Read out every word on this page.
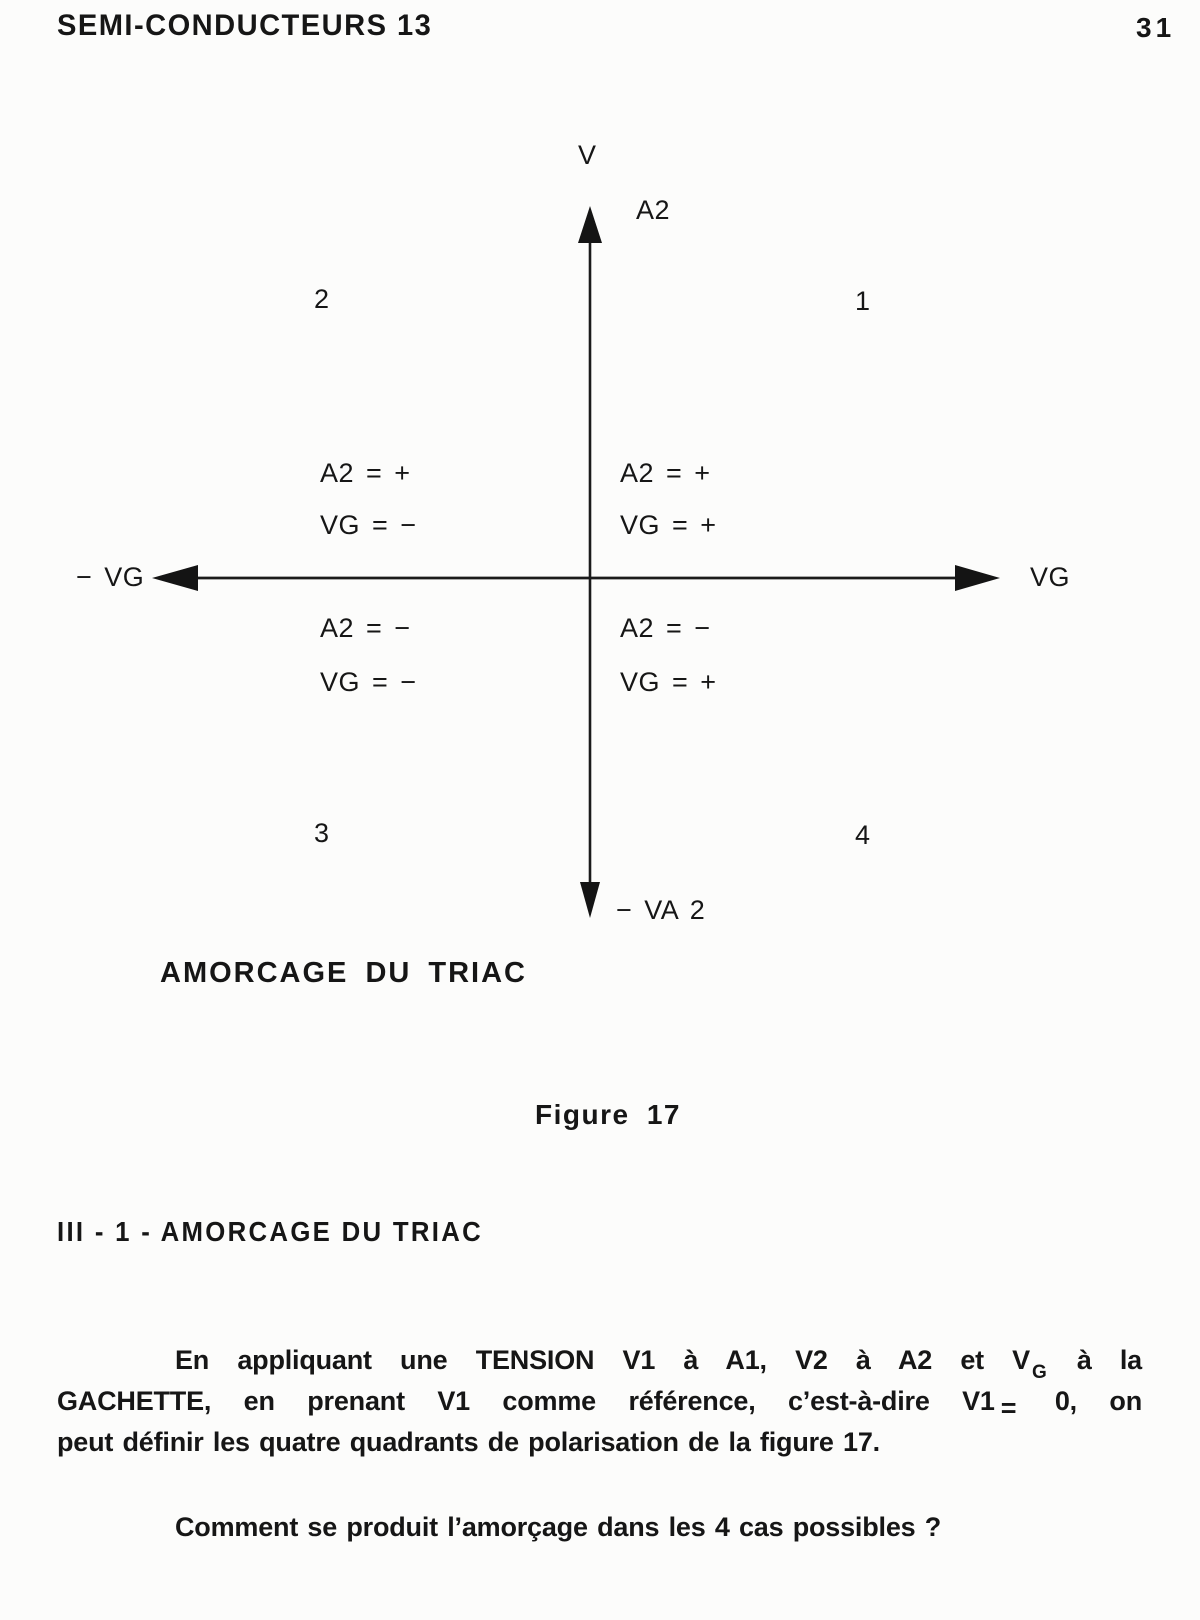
SEMI-CONDUCTEURS 13	31
V
A2
− VG	VG
− VA 2
2	1
3	4
A2 = +
VG = −
A2 = +
VG = +
A2 = −
VG = −
A2 = −
VG = +
AMORCAGE DU TRIAC
Figure 17
III - 1 - AMORCAGE DU TRIAC
En appliquant une TENSION V1 à A1, V2 à A2 et V G à la
GACHETTE, en prenant V1 comme référence, c’est-à-dire V1 = 0, on
peut définir les quatre quadrants de polarisation de la figure 17.
Comment se produit l’amorçage dans les 4 cas possibles ?
